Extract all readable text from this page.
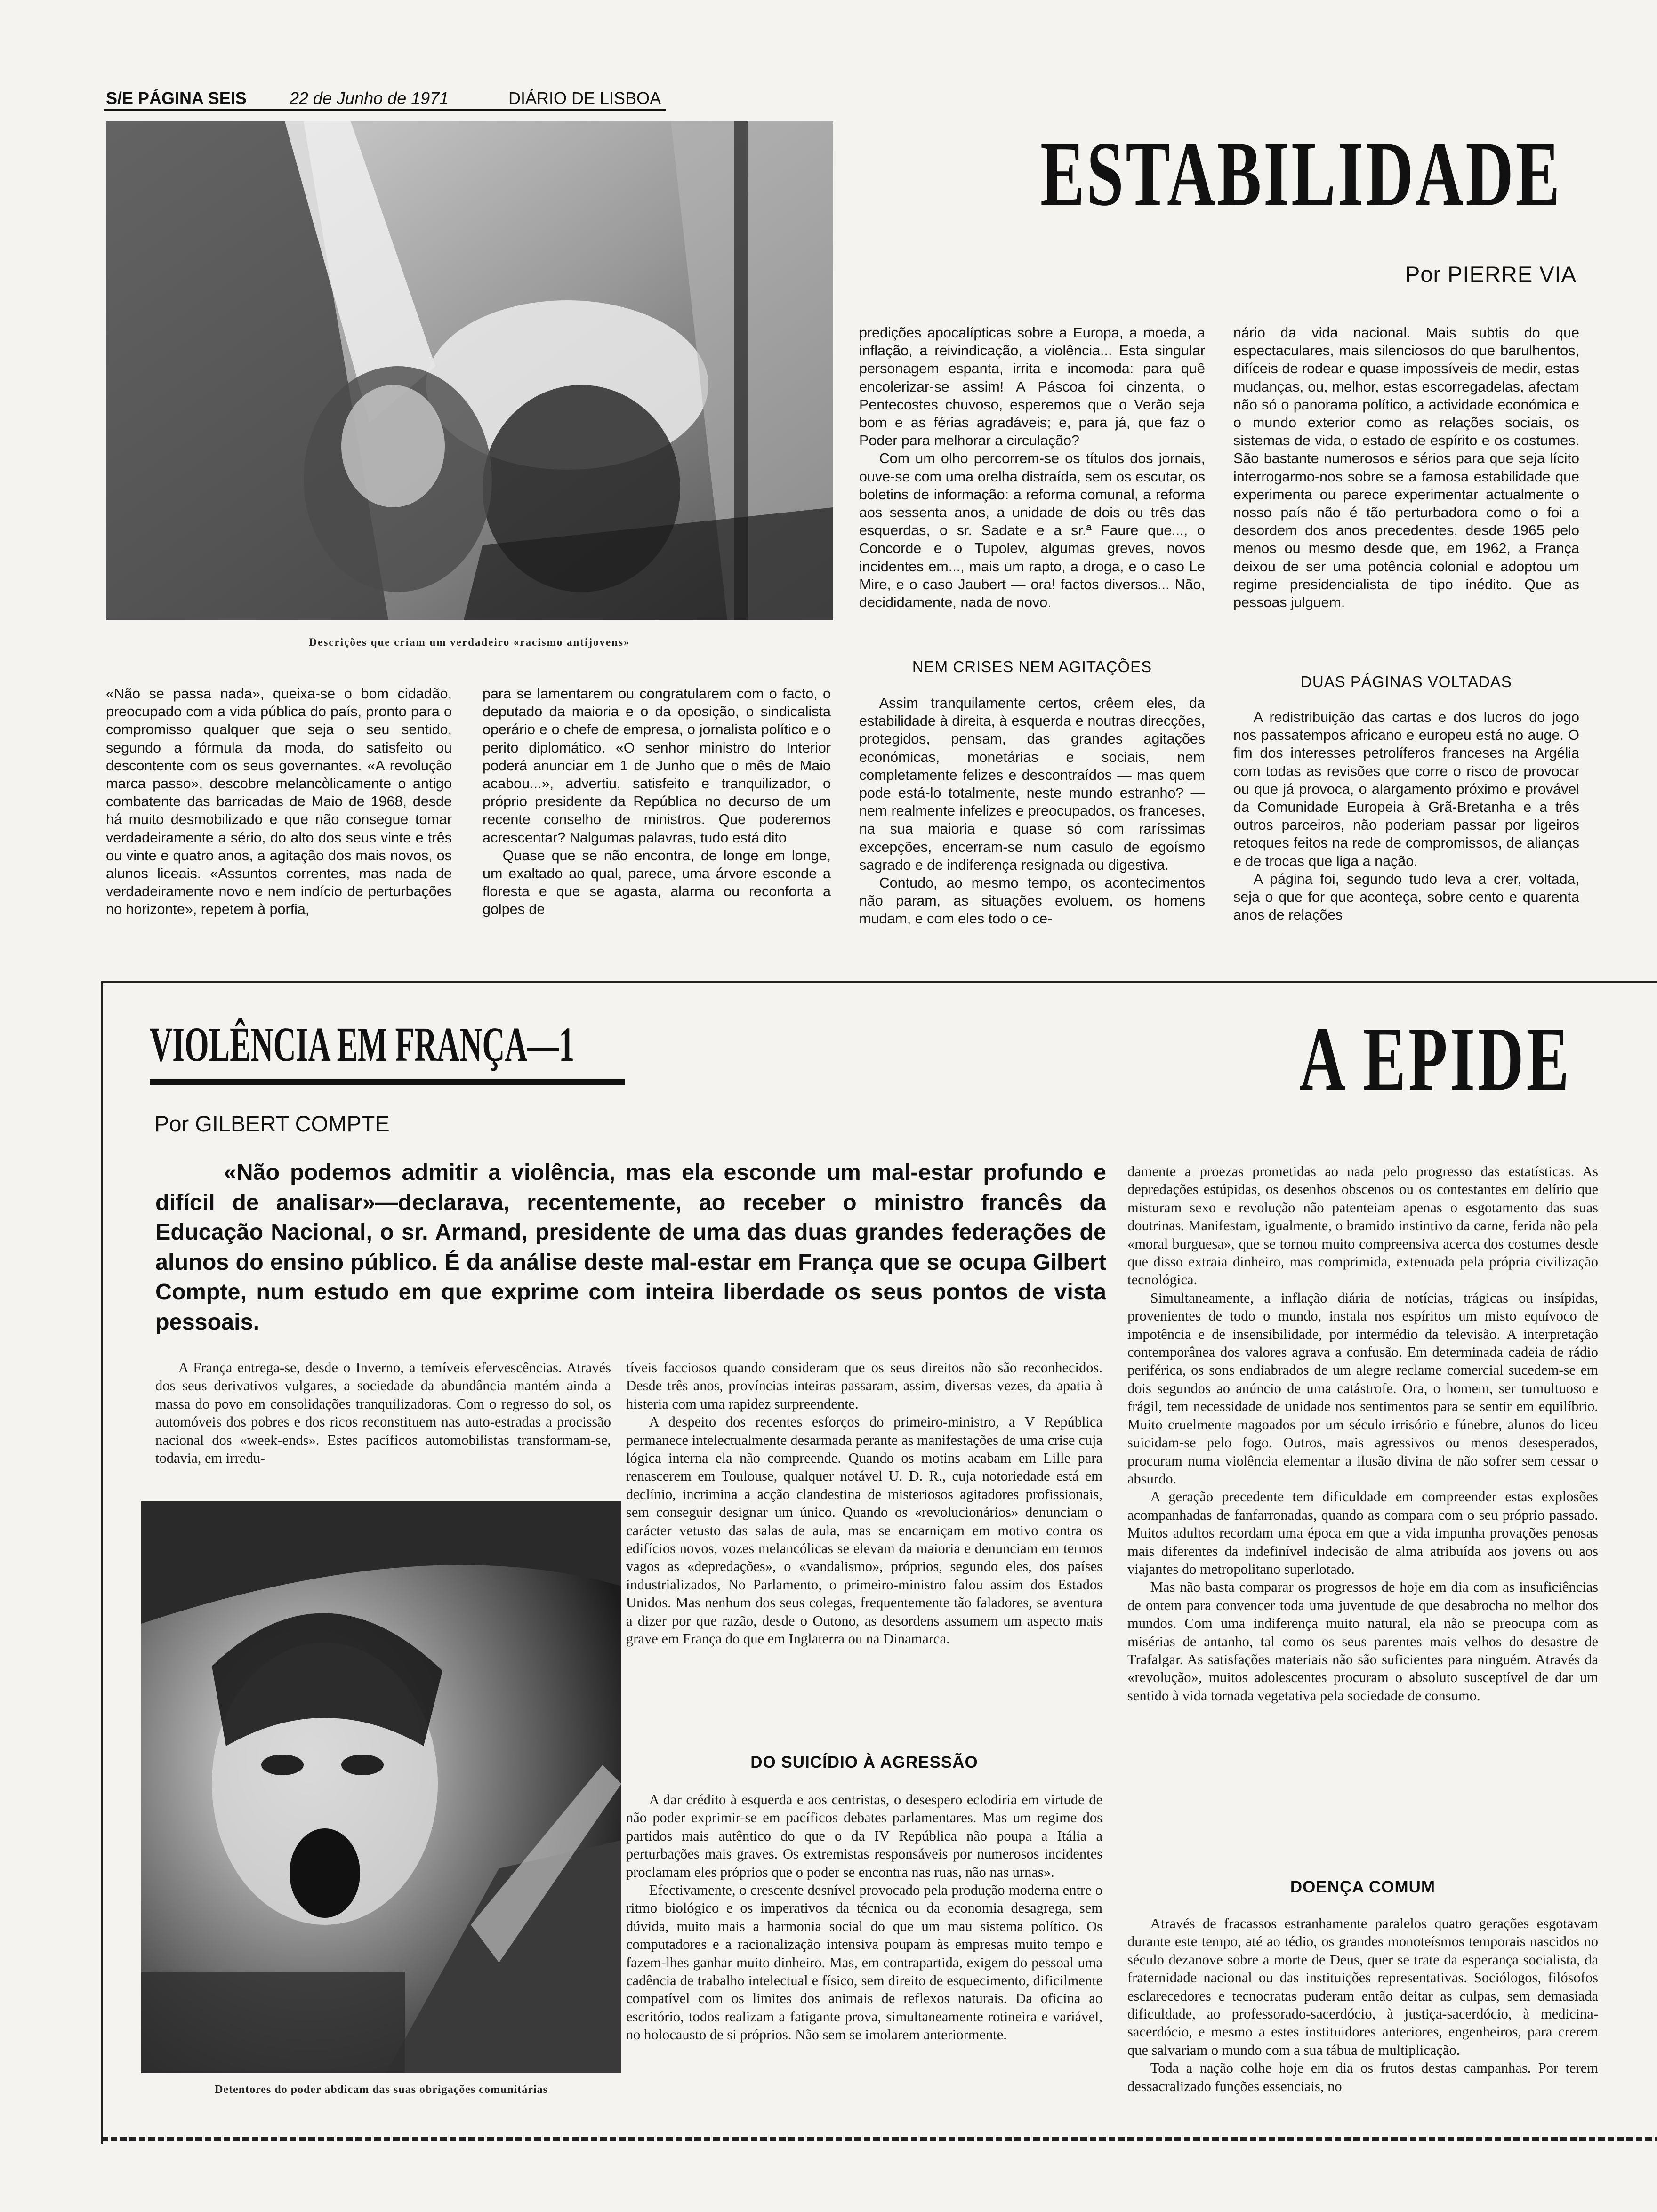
S/E PÁGINA SEIS	22 de Junho de 1971	DIÁRIO DE LISBOA
Descrições que criam um verdadeiro «racismo antijovens»
ESTABILIDADE
Por PIERRE VIA

«Não se passa nada», queixa-se o bom cidadão, preocupado com a vida pública do país, pronto para o compromisso qualquer que seja o seu sentido, segundo a fórmula da moda, do satisfeito ou descontente com os seus governantes. «A revolução marca passo», descobre melancòlicamente o antigo combatente das barricadas de Maio de 1968, desde há muito desmobilizado e que não consegue tomar verdadeiramente a sério, do alto dos seus vinte e três ou vinte e quatro anos, a agitação dos mais novos, os alunos liceais. «Assuntos correntes, mas nada de verdadeiramente novo e nem indício de perturbações no horizonte», repetem à porfia,

para se lamentarem ou congratularem com o facto, o deputado da maioria e o da oposição, o sindicalista operário e o chefe de empresa, o jornalista político e o perito diplomático. «O senhor ministro do Interior poderá anunciar em 1 de Junho que o mês de Maio acabou...», advertiu, satisfeito e tranquilizador, o próprio presidente da República no decurso de um recente conselho de ministros. Que poderemos acrescentar? Nalgumas palavras, tudo está dito

Quase que se não encontra, de longe em longe, um exaltado ao qual, parece, uma árvore esconde a floresta e que se agasta, alarma ou reconforta a golpes de

predições apocalípticas sobre a Europa, a moeda, a inflação, a reivindicação, a violência... Esta singular personagem espanta, irrita e incomoda: para quê encolerizar-se assim! A Páscoa foi cinzenta, o Pentecostes chuvoso, esperemos que o Verão seja bom e as férias agradáveis; e, para já, que faz o Poder para melhorar a circulação?

Com um olho percorrem-se os títulos dos jornais, ouve-se com uma orelha distraída, sem os escutar, os boletins de informação: a reforma comunal, a reforma aos sessenta anos, a unidade de dois ou três das esquerdas, o sr. Sadate e a sr.ª Faure que..., o Concorde e o Tupolev, algumas greves, novos incidentes em..., mais um rapto, a droga, e o caso Le Mire, e o caso Jaubert — ora! factos diversos... Não, decididamente, nada de novo.

NEM CRISES NEM AGITAÇÕES

Assim tranquilamente certos, crêem eles, da estabilidade à direita, à esquerda e noutras direcções, protegidos, pensam, das grandes agitações económicas, monetárias e sociais, nem completamente felizes e descontraídos — mas quem pode está-lo totalmente, neste mundo estranho? — nem realmente infelizes e preocupados, os franceses, na sua maioria e quase só com raríssimas excepções, encerram-se num casulo de egoísmo sagrado e de indiferença resignada ou digestiva.

Contudo, ao mesmo tempo, os acontecimentos não param, as situações evoluem, os homens mudam, e com eles todo o ce-

nário da vida nacional. Mais subtis do que espectaculares, mais silenciosos do que barulhentos, difíceis de rodear e quase impossíveis de medir, estas mudanças, ou, melhor, estas escorregadelas, afectam não só o panorama político, a actividade económica e o mundo exterior como as relações sociais, os sistemas de vida, o estado de espírito e os costumes. São bastante numerosos e sérios para que seja lícito interrogarmo-nos sobre se a famosa estabilidade que experimenta ou parece experimentar actualmente o nosso país não é tão perturbadora como o foi a desordem dos anos precedentes, desde 1965 pelo menos ou mesmo desde que, em 1962, a França deixou de ser uma potência colonial e adoptou um regime presidencialista de tipo inédito. Que as pessoas julguem.

DUAS PÁGINAS VOLTADAS

A redistribuição das cartas e dos lucros do jogo nos passatempos africano e europeu está no auge. O fim dos interesses petrolíferos franceses na Argélia com todas as revisões que corre o risco de provocar ou que já provoca, o alargamento próximo e provável da Comunidade Europeia à Grã-Bretanha e a três outros parceiros, não poderiam passar por ligeiros retoques feitos na rede de compromissos, de alianças e de trocas que liga a nação.

A página foi, segundo tudo leva a crer, voltada, seja o que for que aconteça, sobre cento e quarenta anos de relações

VIOLÊNCIA EM FRANÇA—1
Por GILBERT COMPTE
A EPIDE
«Não podemos admitir a violência, mas ela esconde um mal-estar profundo e difícil de analisar»—declarava, recentemente, ao receber o ministro francês da Educação Nacional, o sr. Armand, presidente de uma das duas grandes federações de alunos do ensino público. É da análise deste mal-estar em França que se ocupa Gilbert Compte, num estudo em que exprime com inteira liberdade os seus pontos de vista pessoais.

A França entrega-se, desde o Inverno, a temíveis efervescências. Através dos seus derivativos vulgares, a sociedade da abundância mantém ainda a massa do povo em consolidações tranquilizadoras. Com o regresso do sol, os automóveis dos pobres e dos ricos reconstituem nas auto-estradas a procissão nacional dos «week-ends». Estes pacíficos automobilistas transformam-se, todavia, em irredu-

Detentores do poder abdicam das suas obrigações comunitárias

tíveis facciosos quando consideram que os seus direitos não são reconhecidos. Desde três anos, províncias inteiras passaram, assim, diversas vezes, da apatia à histeria com uma rapidez surpreendente.

A despeito dos recentes esforços do primeiro-ministro, a V República permanece intelectualmente desarmada perante as manifestações de uma crise cuja lógica interna ela não compreende. Quando os motins acabam em Lille para renascerem em Toulouse, qualquer notável U. D. R., cuja notoriedade está em declínio, incrimina a acção clandestina de misteriosos agitadores profissionais, sem conseguir designar um único. Quando os «revolucionários» denunciam o carácter vetusto das salas de aula, mas se encarniçam em motivo contra os edifícios novos, vozes melancólicas se elevam da maioria e denunciam em termos vagos as «depredações», o «vandalismo», próprios, segundo eles, dos países industrializados, No Parlamento, o primeiro-ministro falou assim dos Estados Unidos. Mas nenhum dos seus colegas, frequentemente tão faladores, se aventura a dizer por que razão, desde o Outono, as desordens assumem um aspecto mais grave em França do que em Inglaterra ou na Dinamarca.

DO SUICÍDIO À AGRESSÃO

A dar crédito à esquerda e aos centristas, o desespero eclodiria em virtude de não poder exprimir-se em pacíficos debates parlamentares. Mas um regime dos partidos mais autêntico do que o da IV República não poupa a Itália a perturbações mais graves. Os extremistas responsáveis por numerosos incidentes proclamam eles próprios que o poder se encontra nas ruas, não nas urnas».

Efectivamente, o crescente desnível provocado pela produção moderna entre o ritmo biológico e os imperativos da técnica ou da economia desagrega, sem dúvida, muito mais a harmonia social do que um mau sistema político. Os computadores e a racionalização intensiva poupam às empresas muito tempo e fazem-lhes ganhar muito dinheiro. Mas, em contrapartida, exigem do pessoal uma cadência de trabalho intelectual e físico, sem direito de esquecimento, dificilmente compatível com os limites dos animais de reflexos naturais. Da oficina ao escritório, todos realizam a fatigante prova, simultaneamente rotineira e variável, no holocausto de si próprios. Não sem se imolarem anteriormente.

damente a proezas prometidas ao nada pelo progresso das estatísticas. As depredações estúpidas, os desenhos obscenos ou os contestantes em delírio que misturam sexo e revolução não patenteiam apenas o esgotamento das suas doutrinas. Manifestam, igualmente, o bramido instintivo da carne, ferida não pela «moral burguesa», que se tornou muito compreensiva acerca dos costumes desde que disso extraia dinheiro, mas comprimida, extenuada pela própria civilização tecnológica.

Simultaneamente, a inflação diária de notícias, trágicas ou insípidas, provenientes de todo o mundo, instala nos espíritos um misto equívoco de impotência e de insensibilidade, por intermédio da televisão. A interpretação contemporânea dos valores agrava a confusão. Em determinada cadeia de rádio periférica, os sons endiabrados de um alegre reclame comercial sucedem-se em dois segundos ao anúncio de uma catástrofe. Ora, o homem, ser tumultuoso e frágil, tem necessidade de unidade nos sentimentos para se sentir em equilíbrio. Muito cruelmente magoados por um século irrisório e fúnebre, alunos do liceu suicidam-se pelo fogo. Outros, mais agressivos ou menos desesperados, procuram numa violência elementar a ilusão divina de não sofrer sem cessar o absurdo.

A geração precedente tem dificuldade em compreender estas explosões acompanhadas de fanfarronadas, quando as compara com o seu próprio passado. Muitos adultos recordam uma época em que a vida impunha provações penosas mais diferentes da indefinível indecisão de alma atribuída aos jovens ou aos viajantes do metropolitano superlotado.

Mas não basta comparar os progressos de hoje em dia com as insuficiências de ontem para convencer toda uma juventude de que desabrocha no melhor dos mundos. Com uma indiferença muito natural, ela não se preocupa com as misérias de antanho, tal como os seus parentes mais velhos do desastre de Trafalgar. As satisfações materiais não são suficientes para ninguém. Através da «revolução», muitos adolescentes procuram o absoluto susceptível de dar um sentido à vida tornada vegetativa pela sociedade de consumo.

DOENÇA COMUM

Através de fracassos estranhamente paralelos quatro gerações esgotavam durante este tempo, até ao tédio, os grandes monoteísmos temporais nascidos no século dezanove sobre a morte de Deus, quer se trate da esperança socialista, da fraternidade nacional ou das instituições representativas. Sociólogos, filósofos esclarecedores e tecnocratas puderam então deitar as culpas, sem demasiada dificuldade, ao professorado-sacerdócio, à justiça-sacerdócio, à medicina-sacerdócio, e mesmo a estes instituidores anteriores, engenheiros, para crerem que salvariam o mundo com a sua tábua de multiplicação.

Toda a nação colhe hoje em dia os frutos destas campanhas. Por terem dessacralizado funções essenciais, no
